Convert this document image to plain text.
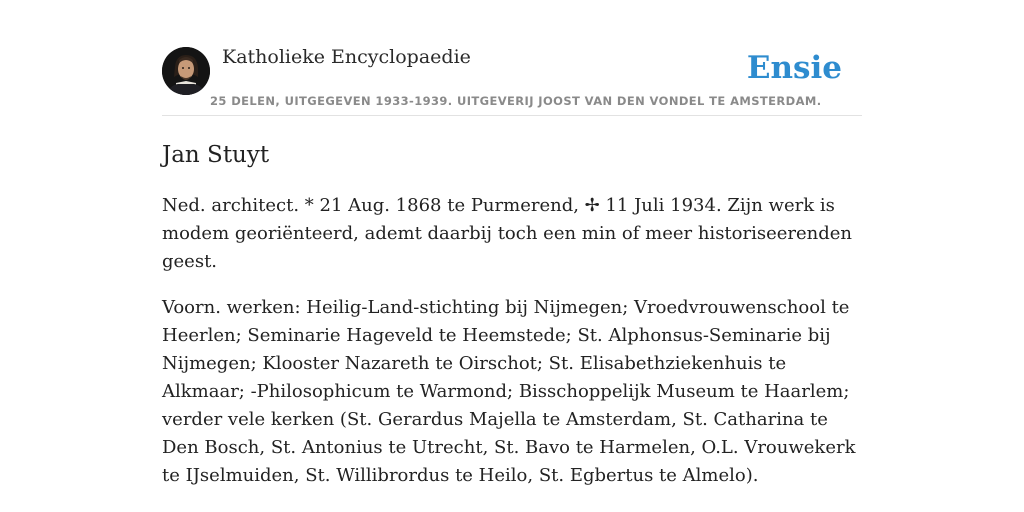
Katholieke Encyclopaedie	Ensie
25 DELEN, UITGEGEVEN 1933-1939. UITGEVERIJ JOOST VAN DEN VONDEL TE AMSTERDAM.
Jan Stuyt

Ned. architect. * 21 Aug. 1868 te Purmerend, ✢ 11 Juli 1934. Zijn werk is modem georiënteerd, ademt daarbij toch een min of meer historiseerenden geest.

Voorn. werken: Heilig-Land-stichting bij Nijmegen; Vroedvrouwenschool te Heerlen; Seminarie Hageveld te Heemstede; St. Alphonsus-Seminarie bij Nijmegen; Klooster Nazareth te Oirschot; St. Elisabethziekenhuis te Alkmaar; -Philosophicum te Warmond; Bisschoppelijk Museum te Haarlem; verder vele kerken (St. Gerardus Majella te Amsterdam, St. Catharina te Den Bosch, St. Antonius te Utrecht, St. Bavo te Harmelen, O.L. Vrouwekerk te IJselmuiden, St. Willibrordus te Heilo, St. Egbertus te Almelo).
